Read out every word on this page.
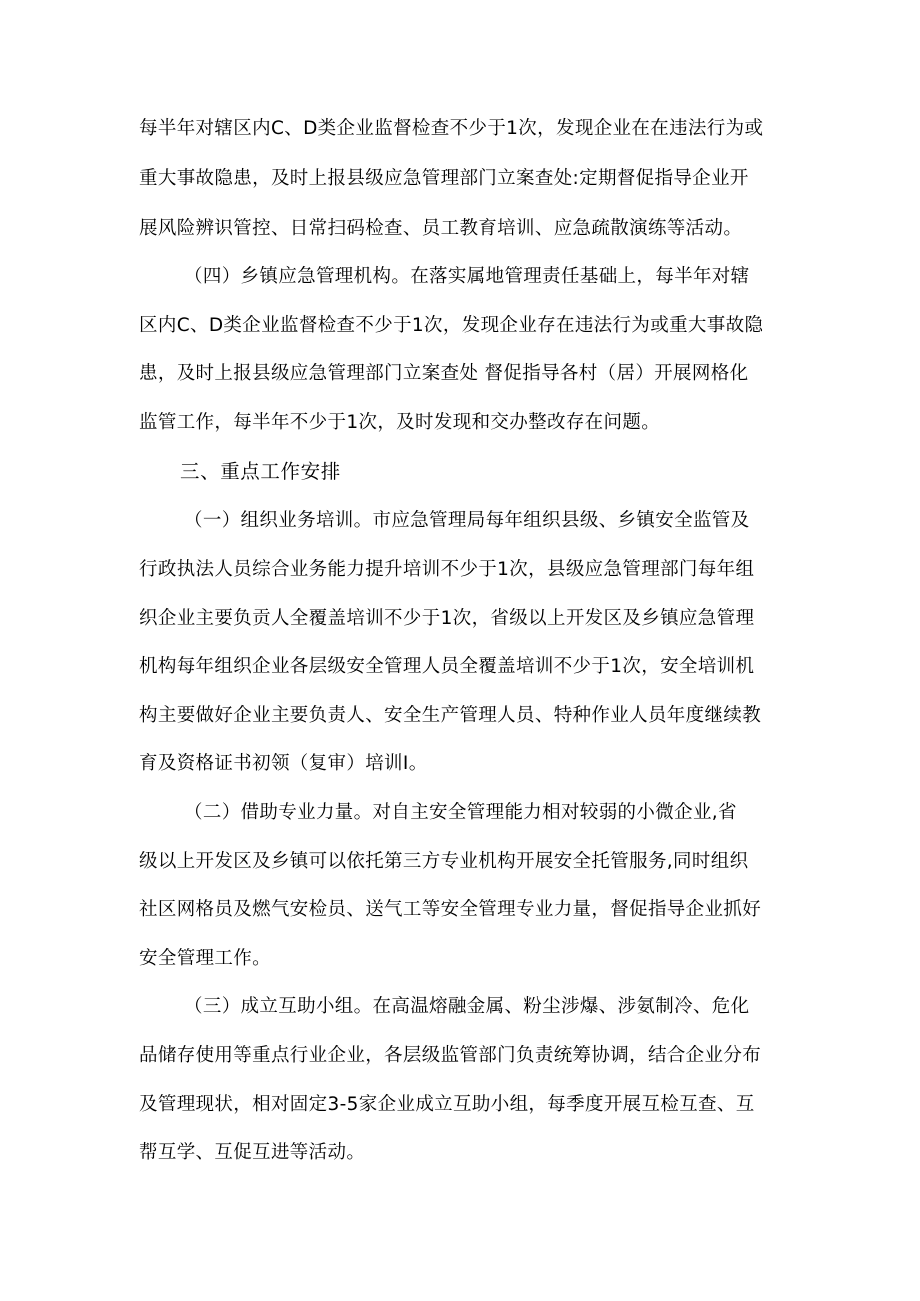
每半年对辖区内C、D类企业监督检查不少于1次，发现企业在在违法行为或
重大事故隐患，及时上报县级应急管理部门立案查处:定期督促指导企业开
展风险辨识管控、日常扫码检查、员工教育培训、应急疏散演练等活动。
（四）乡镇应急管理机构。在落实属地管理责任基础上，每半年对辖
区内C、D类企业监督检查不少于1次，发现企业存在违法行为或重大事故隐
患，及时上报县级应急管理部门立案查处 督促指导各村（居）开展网格化
监管工作，每半年不少于1次，及时发现和交办整改存在问题。
三、重点工作安排
（一）组织业务培训。市应急管理局每年组织县级、乡镇安全监管及
行政执法人员综合业务能力提升培训不少于1次，县级应急管理部门每年组
织企业主要负贡人全覆盖培训不少于1次，省级以上开发区及乡镇应急管理
机构每年组织企业各层级安全管理人员全覆盖培训不少于1次，安全培训机
构主要做好企业主要负责人、安全生产管理人员、特种作业人员年度继续教
育及资格证书初领（复审）培训I。
（二）借助专业力量。对自主安全管理能力相对较弱的小微企业,省
级以上开发区及乡镇可以依托第三方专业机构开展安全托管服务,同时组织
社区网格员及燃气安检员、送气工等安全管理专业力量，督促指导企业抓好
安全管理工作。
（三）成立互助小组。在高温熔融金属、粉尘涉爆、涉氨制冷、危化
品储存使用等重点行业企业，各层级监管部门负责统筹协调，结合企业分布
及管理现状，相对固定3-5家企业成立互助小组，每季度开展互检互查、互
帮互学、互促互进等活动。
